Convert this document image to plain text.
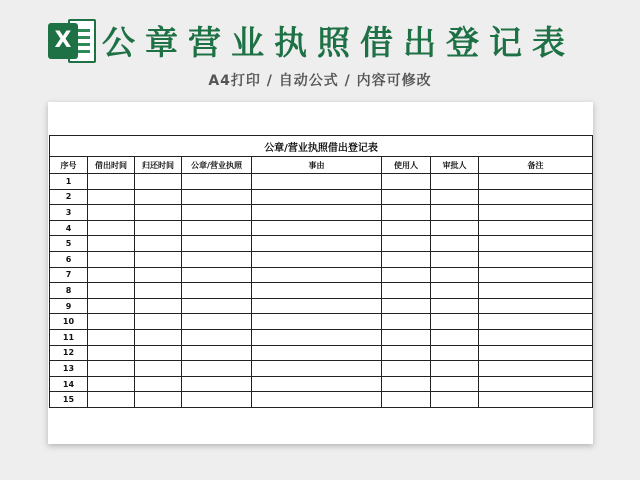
X 公章营业执照借出登记表
A4打印 / 自动公式 / 内容可修改
公章/营业执照借出登记表							
序号	借出时间	归还时间	公章/营业执照	事由	使用人	审批人	备注
1							
2							
3							
4							
5							
6							
7							
8							
9							
10							
11							
12							
13							
14							
15							
